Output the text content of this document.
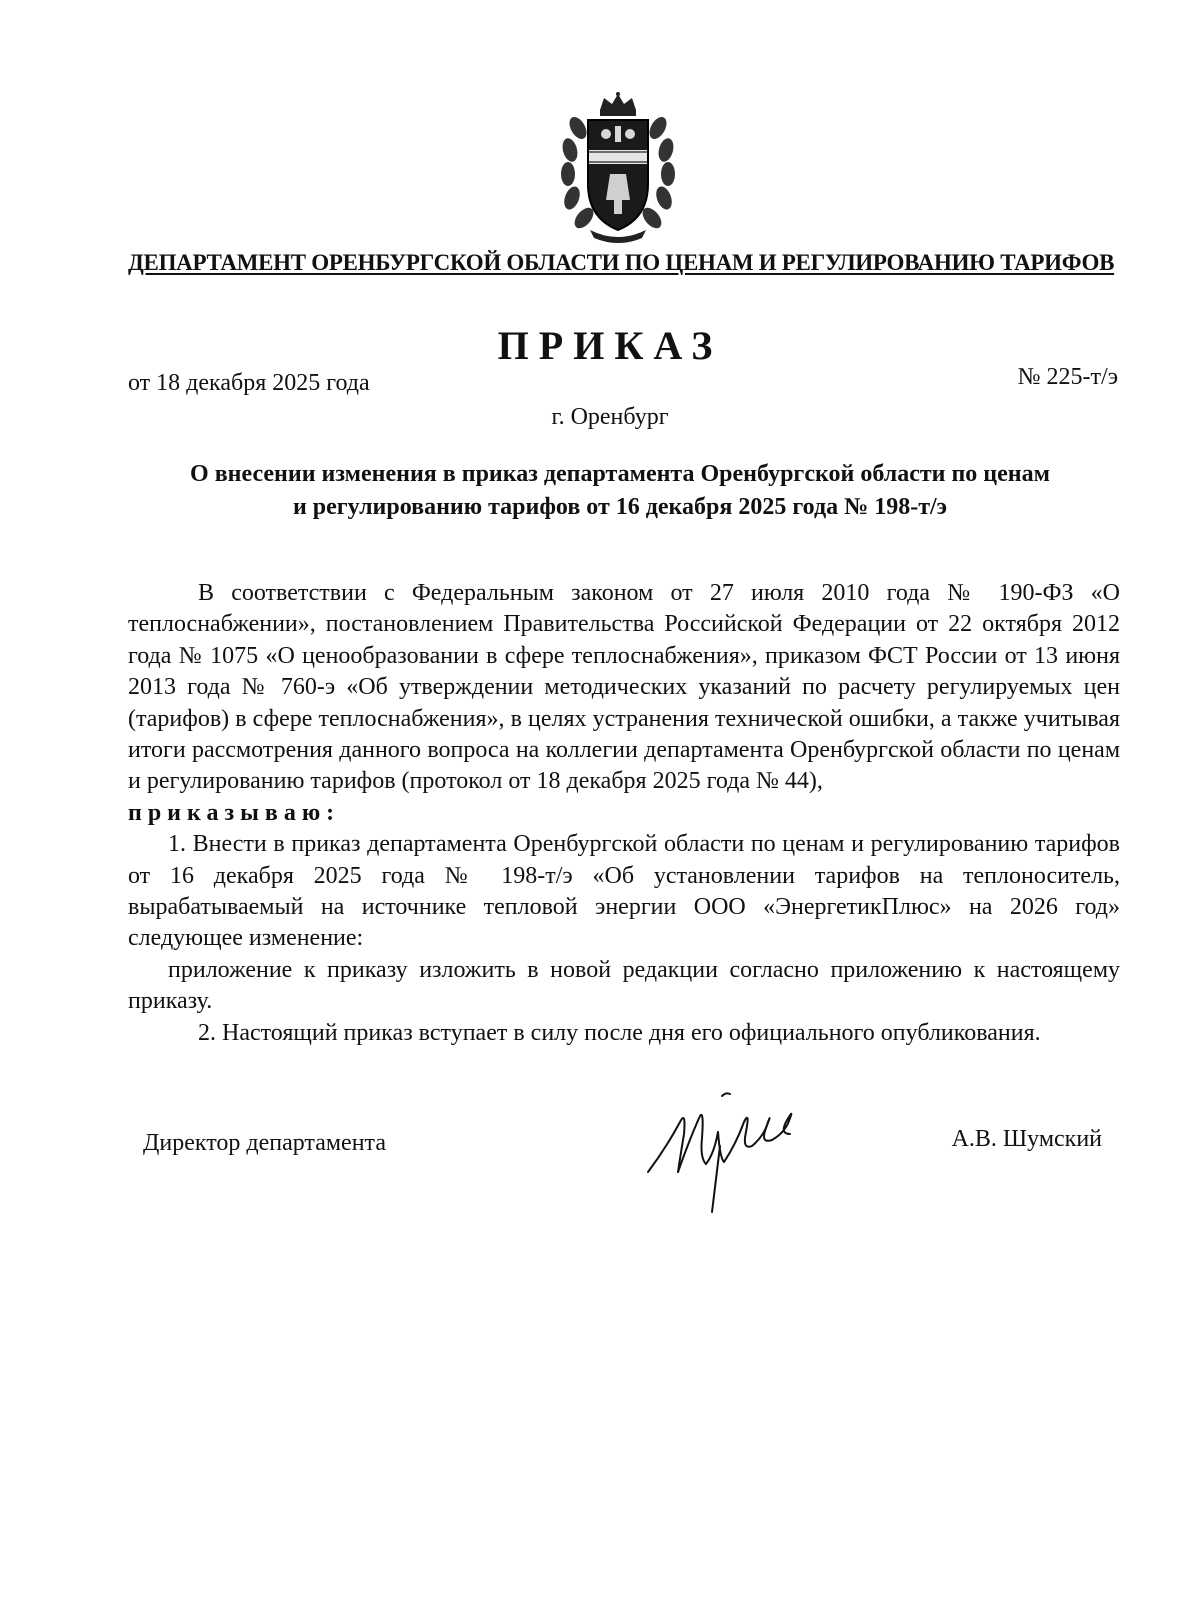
ДЕПАРТАМЕНТ ОРЕНБУРГСКОЙ ОБЛАСТИ ПО ЦЕНАМ И РЕГУЛИРОВАНИЮ ТАРИФОВ
ПРИКАЗ
от 18 декабря 2025 года	№ 225-т/э
г. Оренбург
О внесении изменения в приказ департамента Оренбургской области по ценам
и регулированию тарифов от 16 декабря 2025 года № 198-т/э

В соответствии с Федеральным законом от 27 июля 2010 года № 190-ФЗ «О теплоснабжении», постановлением Правительства Российской Федерации от 22 октября 2012 года № 1075 «О ценообразовании в сфере теплоснабжения», приказом ФСТ России от 13 июня 2013 года № 760-э «Об утверждении методических указаний по расчету регулируемых цен (тарифов) в сфере теплоснабжения», в целях устранения технической ошибки, а также учитывая итоги рассмотрения данного вопроса на коллегии департамента Оренбургской области по ценам и регулированию тарифов (протокол от 18 декабря 2025 года № 44),

приказываю:

1. Внести в приказ департамента Оренбургской области по ценам и регулированию тарифов от 16 декабря 2025 года № 198-т/э «Об установлении тарифов на теплоноситель, вырабатываемый на источнике тепловой энергии ООО «ЭнергетикПлюс» на 2026 год» следующее изменение:

приложение к приказу изложить в новой редакции согласно приложению к настоящему приказу.

2. Настоящий приказ вступает в силу после дня его официального опубликования.

Директор департамента	А.В. Шумский
